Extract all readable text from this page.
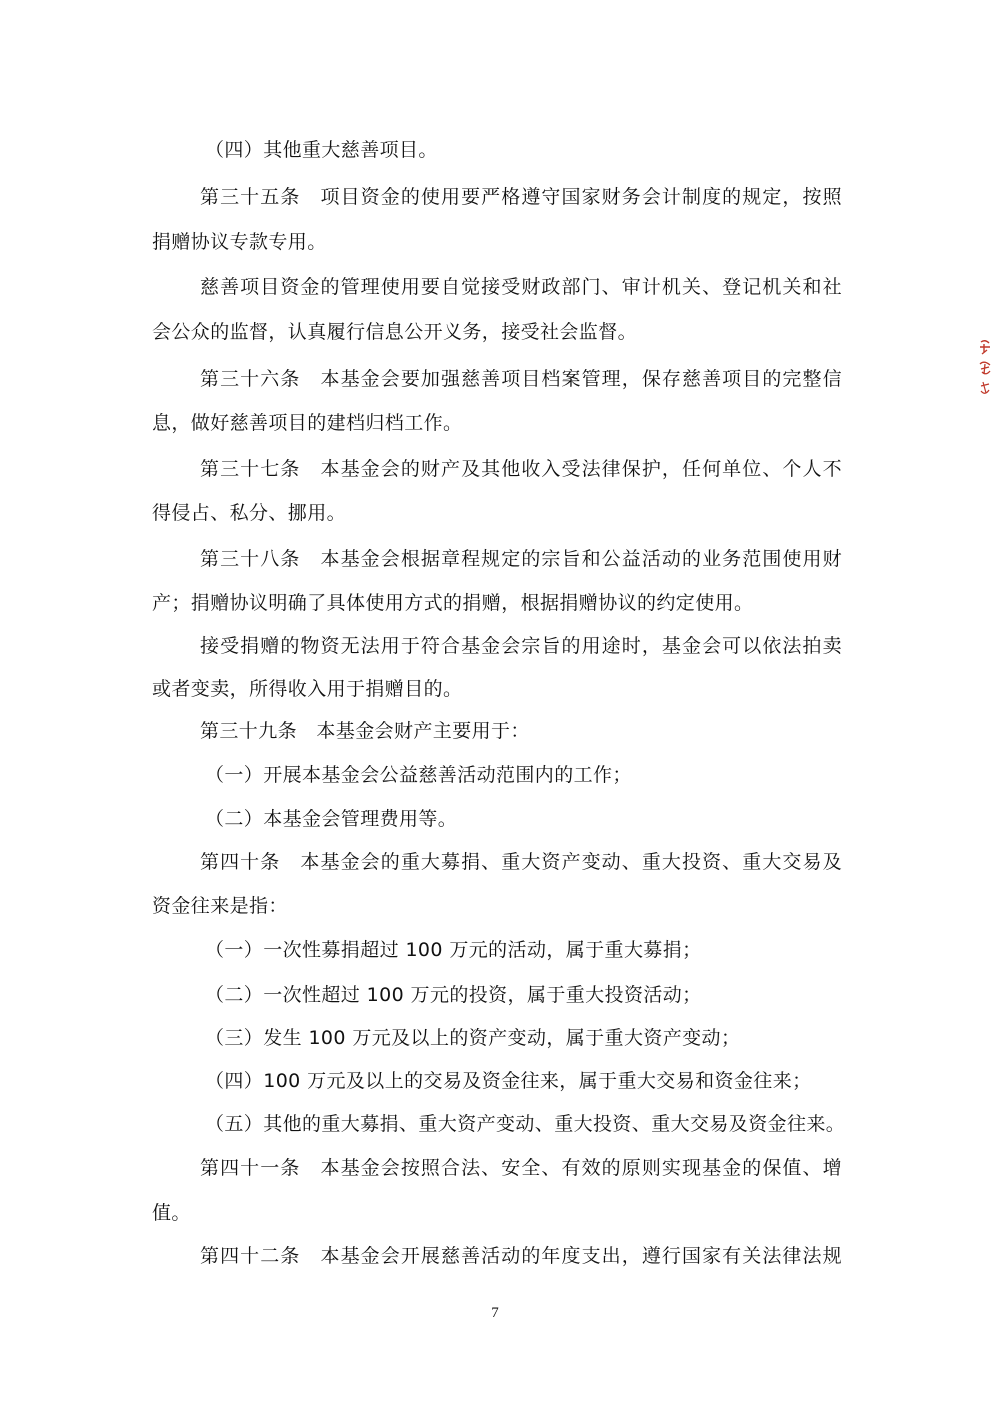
（四）其他重大慈善项目。
第三十五条　项目资金的使用要严格遵守国家财务会计制度的规定，按照
捐赠协议专款专用。
慈善项目资金的管理使用要自觉接受财政部门、审计机关、登记机关和社
会公众的监督，认真履行信息公开义务，接受社会监督。
第三十六条　本基金会要加强慈善项目档案管理，保存慈善项目的完整信
息，做好慈善项目的建档归档工作。
第三十七条　本基金会的财产及其他收入受法律保护，任何单位、个人不
得侵占、私分、挪用。
第三十八条　本基金会根据章程规定的宗旨和公益活动的业务范围使用财
产；捐赠协议明确了具体使用方式的捐赠，根据捐赠协议的约定使用。
接受捐赠的物资无法用于符合基金会宗旨的用途时，基金会可以依法拍卖
或者变卖，所得收入用于捐赠目的。
第三十九条　本基金会财产主要用于：
（一）开展本基金会公益慈善活动范围内的工作；
（二）本基金会管理费用等。
第四十条　本基金会的重大募捐、重大资产变动、重大投资、重大交易及
资金往来是指：
（一）一次性募捐超过 100 万元的活动，属于重大募捐；
（二）一次性超过 100 万元的投资，属于重大投资活动；
（三）发生 100 万元及以上的资产变动，属于重大资产变动；
（四）100 万元及以上的交易及资金往来，属于重大交易和资金往来；
（五）其他的重大募捐、重大资产变动、重大投资、重大交易及资金往来。
第四十一条　本基金会按照合法、安全、有效的原则实现基金的保值、增
值。
第四十二条　本基金会开展慈善活动的年度支出，遵行国家有关法律法规
7
